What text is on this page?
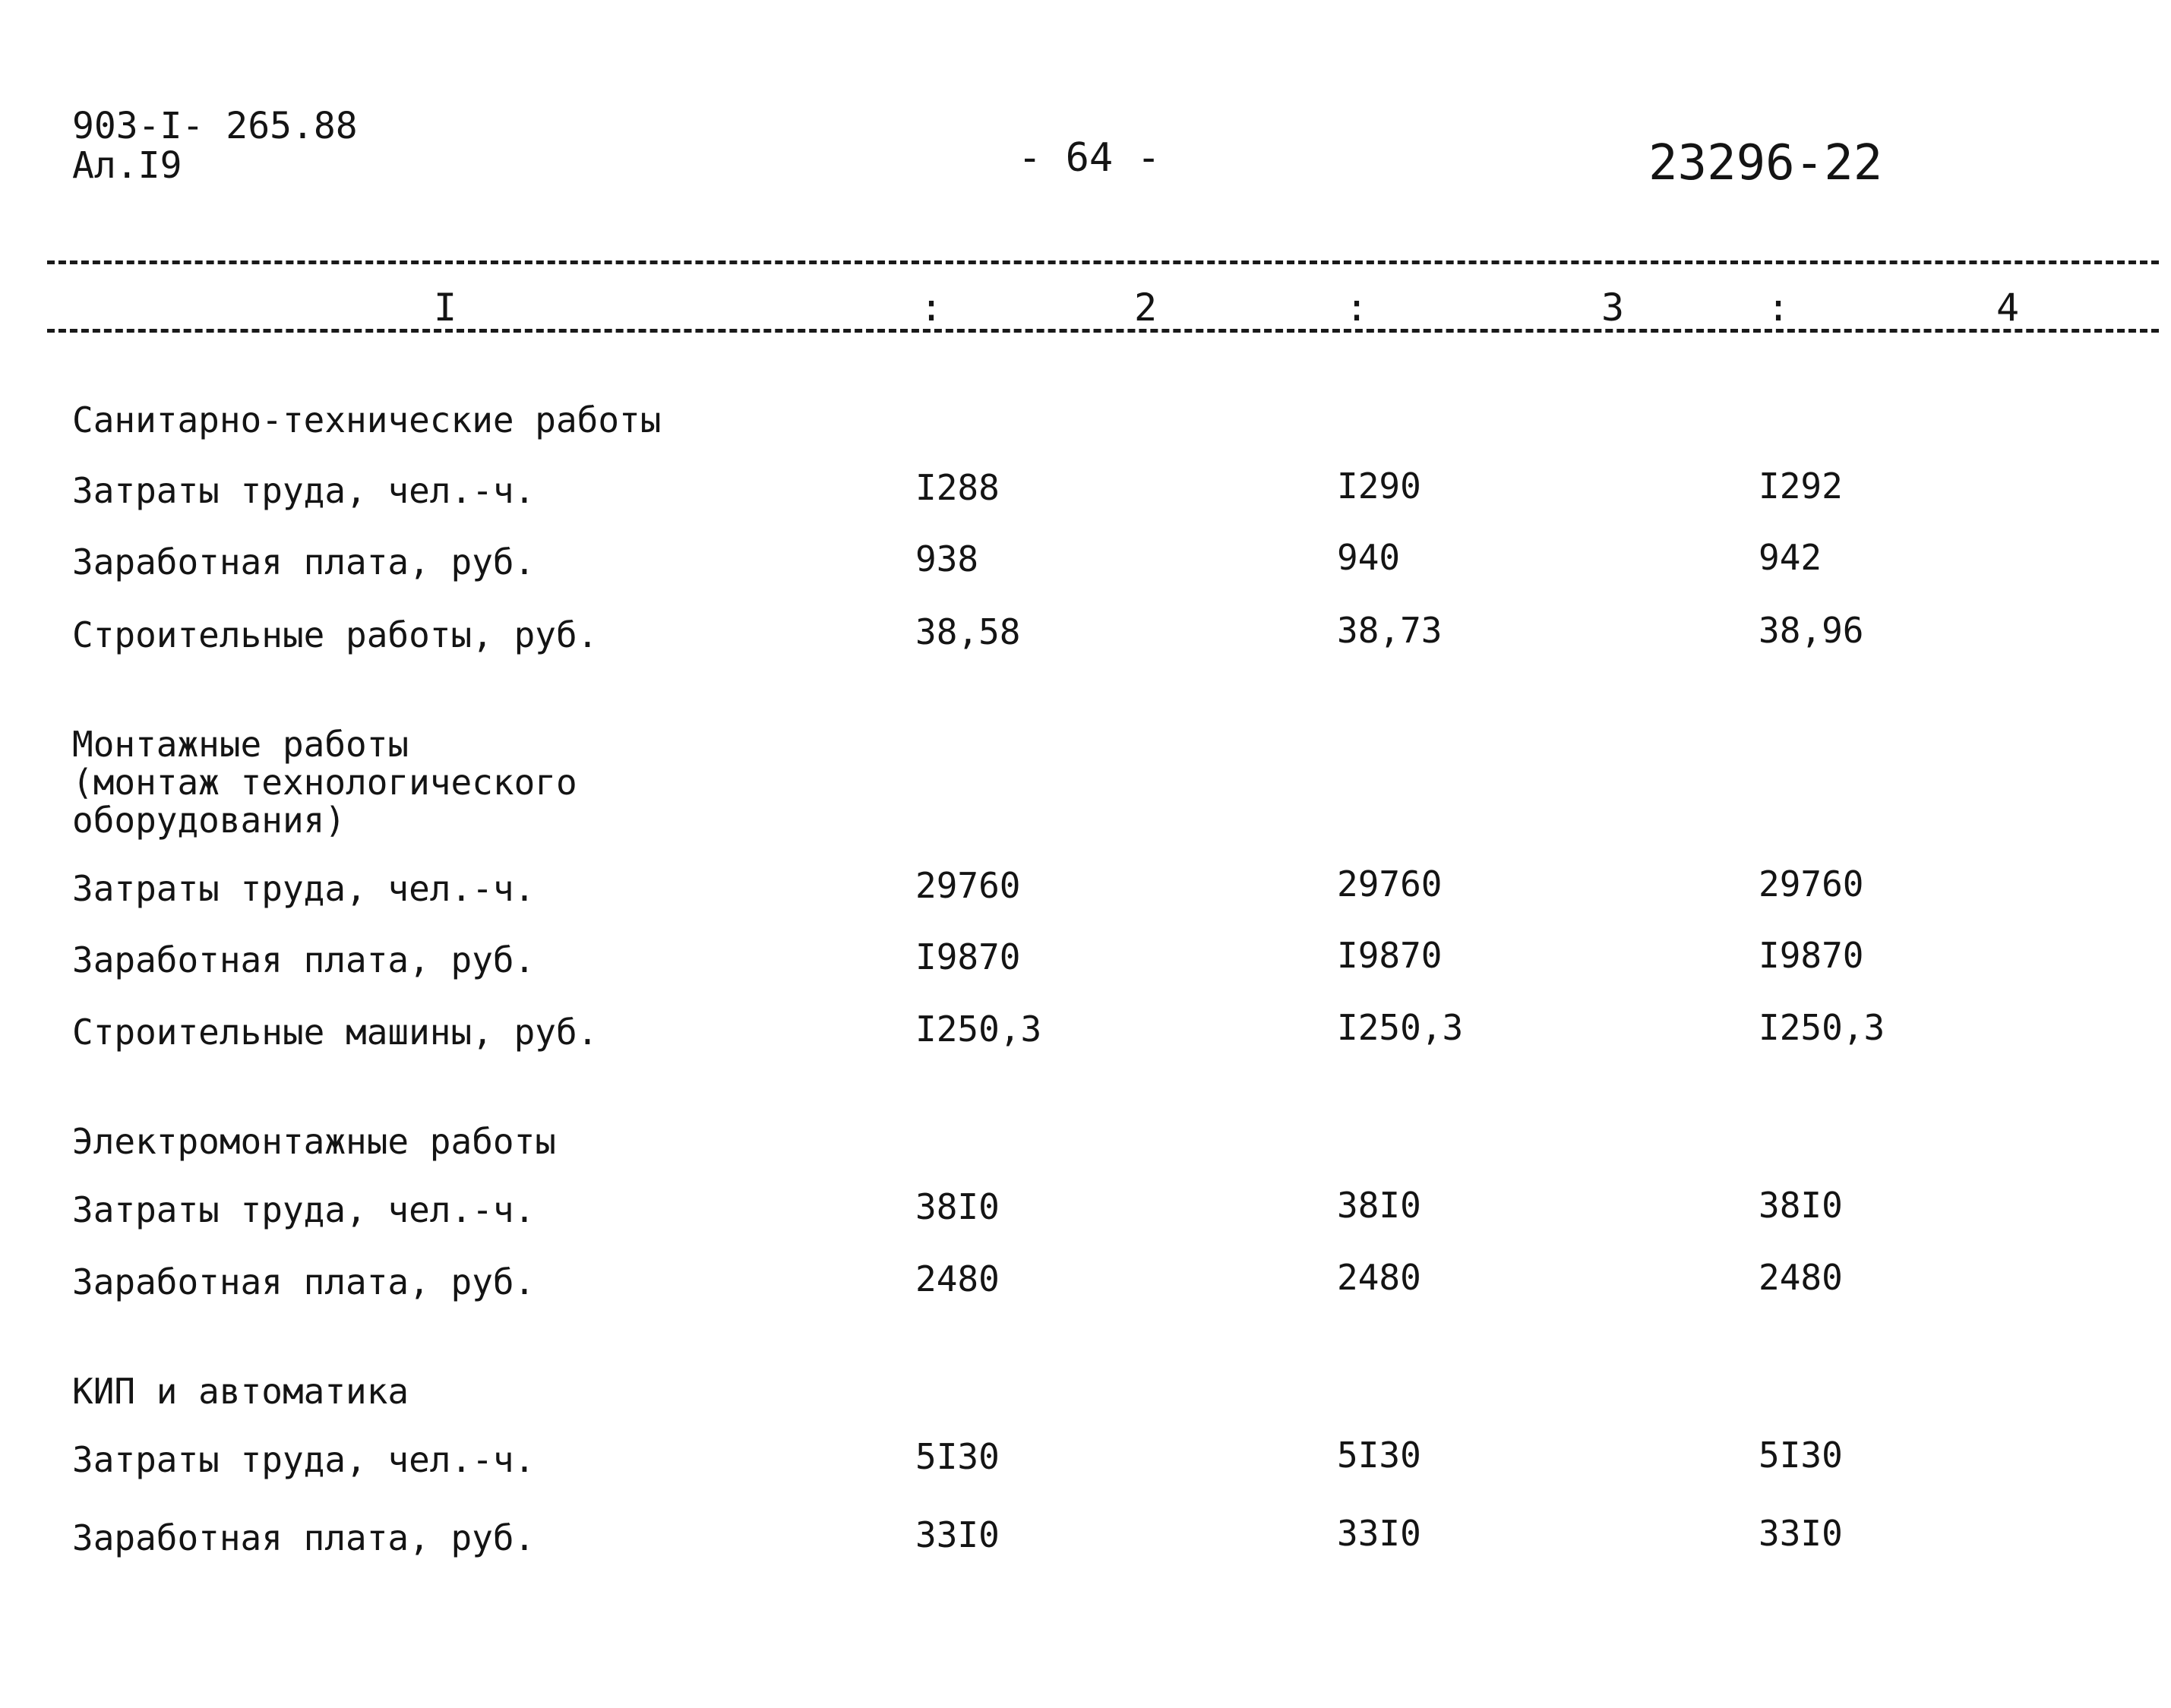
903-I- 265.88
Ал.I9	- 64 -	23296-22
I	:	2	:	3	:	4
Санитарно-технические работы
Затраты труда, чел.-ч.	I288	I290	I292
Заработная плата, руб.	938	940	942
Строительные работы, руб.	38,58	38,73	38,96
Монтажные работы
(монтаж технологического
оборудования)
Затраты труда, чел.-ч.	29760	29760	29760
Заработная плата, руб.	I9870	I9870	I9870
Строительные машины, руб.	I250,3	I250,3	I250,3
Электромонтажные работы
Затраты труда, чел.-ч.	38I0	38I0	38I0
Заработная плата, руб.	2480	2480	2480
КИП и автоматика
Затраты труда, чел.-ч.	5I30	5I30	5I30
Заработная плата, руб.	33I0	33I0	33I0
